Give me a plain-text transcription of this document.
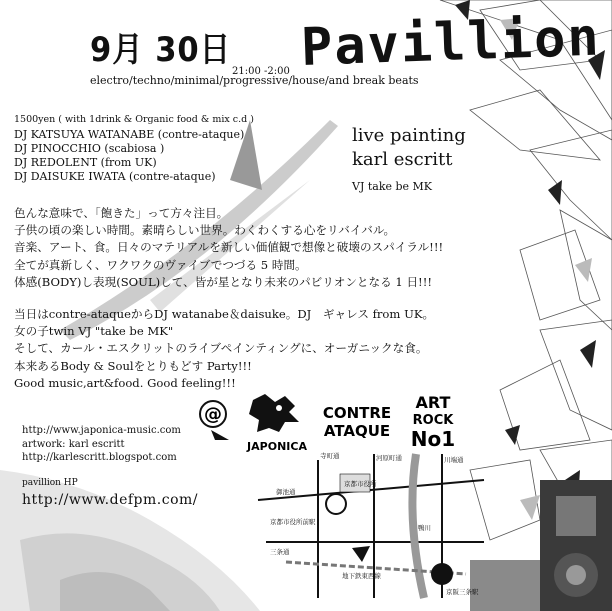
9月 30日
21:00 -2:00 Pavillion
electro/techno/minimal/progressive/house/and break beats
1500yen ( with 1drink & Organic food & mix c.d )
DJ KATSUYA WATANABE (contre-ataque)
DJ PINOCCHIO (scabiosa )
DJ REDOLENT (from UK)
DJ DAISUKE IWATA (contre-ataque)
live painting
karl escritt
VJ take be MK
色んな意味で、「飽きた」って方々注目。
子供の頃の楽しい時間。素晴らしい世界。わくわくする心をリバイバル。
音楽、アート、食。日々のマテリアルを新しい価値観で想像と破壊のスパイラル!!!
全てが真新しく、ワクワクのヴァイブでつづる 5 時間。
体感(BODY)し表現(SOUL)して、皆が星となり未来のパビリオンとなる 1 日!!!
当日はcontre-ataqueからDJ watanabe＆daisuke。DJ　ギャレス from UK。
女の子twin VJ "take be MK"
そして、カール・エスクリットのライブペインティングに、オーガニックな食。
本来あるBody & Soulをとりもどす Party!!!
Good music,art&food. Good feeling!!!
http://www.japonica-music.com
artwork: karl escritt
http://karlescritt.blogspot.com
pavillion HP
http://www.defpm.com/
@
JAPONICA
CONTRE
ATAQUE
ART
ROCK
No1
寺町通	河原町通	川端通
御池通
京都市役所
京都市役所前駅
鴨川
三条通
地下鉄東西線
京阪三条駅
